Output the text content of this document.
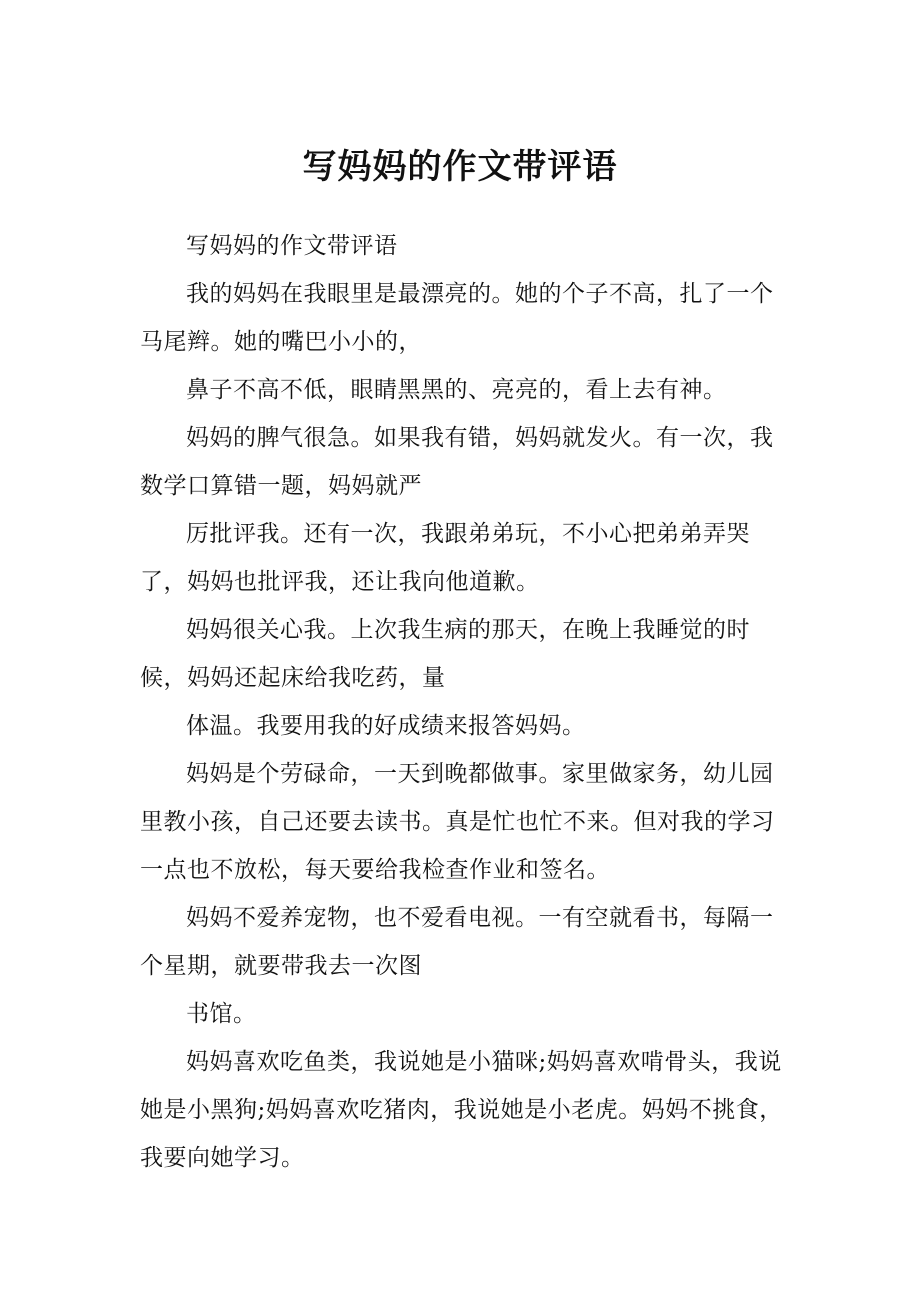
写妈妈的作文带评语

写妈妈的作文带评语

我的妈妈在我眼里是最漂亮的。她的个子不高，扎了一个马尾辫。她的嘴巴小小的，

鼻子不高不低，眼睛黑黑的、亮亮的，看上去有神。

妈妈的脾气很急。如果我有错，妈妈就发火。有一次，我数学口算错一题，妈妈就严

厉批评我。还有一次，我跟弟弟玩，不小心把弟弟弄哭了，妈妈也批评我，还让我向他道歉。

妈妈很关心我。上次我生病的那天，在晚上我睡觉的时候，妈妈还起床给我吃药，量

体温。我要用我的好成绩来报答妈妈。

妈妈是个劳碌命，一天到晚都做事。家里做家务，幼儿园里教小孩，自己还要去读书。真是忙也忙不来。但对我的学习一点也不放松，每天要给我检查作业和签名。

妈妈不爱养宠物，也不爱看电视。一有空就看书，每隔一个星期，就要带我去一次图

书馆。

妈妈喜欢吃鱼类，我说她是小猫咪;妈妈喜欢啃骨头，我说她是小黑狗;妈妈喜欢吃猪肉，我说她是小老虎。妈妈不挑食，我要向她学习。
